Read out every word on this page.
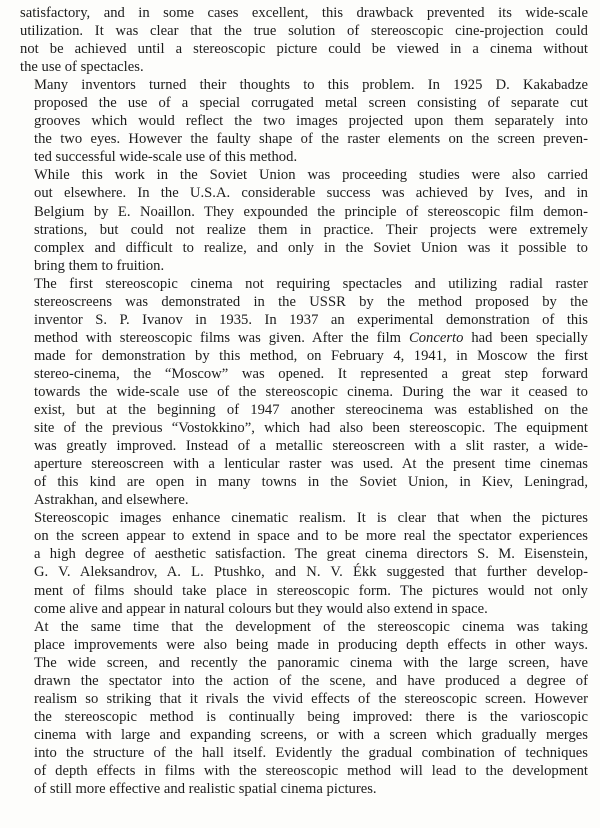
satisfactory, and in some cases excellent, this drawback prevented its wide-scale
utilization. It was clear that the true solution of stereoscopic cine-projection could
not be achieved until a stereoscopic picture could be viewed in a cinema without
the use of spectacles.

Many inventors turned their thoughts to this problem. In 1925 D. Kakabadze
proposed the use of a special corrugated metal screen consisting of separate cut
grooves which would reflect the two images projected upon them separately into
the two eyes. However the faulty shape of the raster elements on the screen preven-
ted successful wide-scale use of this method.

While this work in the Soviet Union was proceeding studies were also carried
out elsewhere. In the U.S.A. considerable success was achieved by Ives, and in
Belgium by E. Noaillon. They expounded the principle of stereoscopic film demon-
strations, but could not realize them in practice. Their projects were extremely
complex and difficult to realize, and only in the Soviet Union was it possible to
bring them to fruition.

The first stereoscopic cinema not requiring spectacles and utilizing radial raster
stereoscreens was demonstrated in the USSR by the method proposed by the
inventor S. P. Ivanov in 1935. In 1937 an experimental demonstration of this
method with stereoscopic films was given. After the film Concerto had been specially
made for demonstration by this method, on February 4, 1941, in Moscow the first
stereo-cinema, the “Moscow” was opened. It represented a great step forward
towards the wide-scale use of the stereoscopic cinema. During the war it ceased to
exist, but at the beginning of 1947 another stereocinema was established on the
site of the previous “Vostokkino”, which had also been stereoscopic. The equipment
was greatly improved. Instead of a metallic stereoscreen with a slit raster, a wide-
aperture stereoscreen with a lenticular raster was used. At the present time cinemas
of this kind are open in many towns in the Soviet Union, in Kiev, Leningrad,
Astrakhan, and elsewhere.

Stereoscopic images enhance cinematic realism. It is clear that when the pictures
on the screen appear to extend in space and to be more real the spectator experiences
a high degree of aesthetic satisfaction. The great cinema directors S. M. Eisenstein,
G. V. Aleksandrov, A. L. Ptushko, and N. V. Ékk suggested that further develop-
ment of films should take place in stereoscopic form. The pictures would not only
come alive and appear in natural colours but they would also extend in space.

At the same time that the development of the stereoscopic cinema was taking
place improvements were also being made in producing depth effects in other ways.
The wide screen, and recently the panoramic cinema with the large screen, have
drawn the spectator into the action of the scene, and have produced a degree of
realism so striking that it rivals the vivid effects of the stereoscopic screen. However
the stereoscopic method is continually being improved: there is the varioscopic
cinema with large and expanding screens, or with a screen which gradually merges
into the structure of the hall itself. Evidently the gradual combination of techniques
of depth effects in films with the stereoscopic method will lead to the development
of still more effective and realistic spatial cinema pictures.
